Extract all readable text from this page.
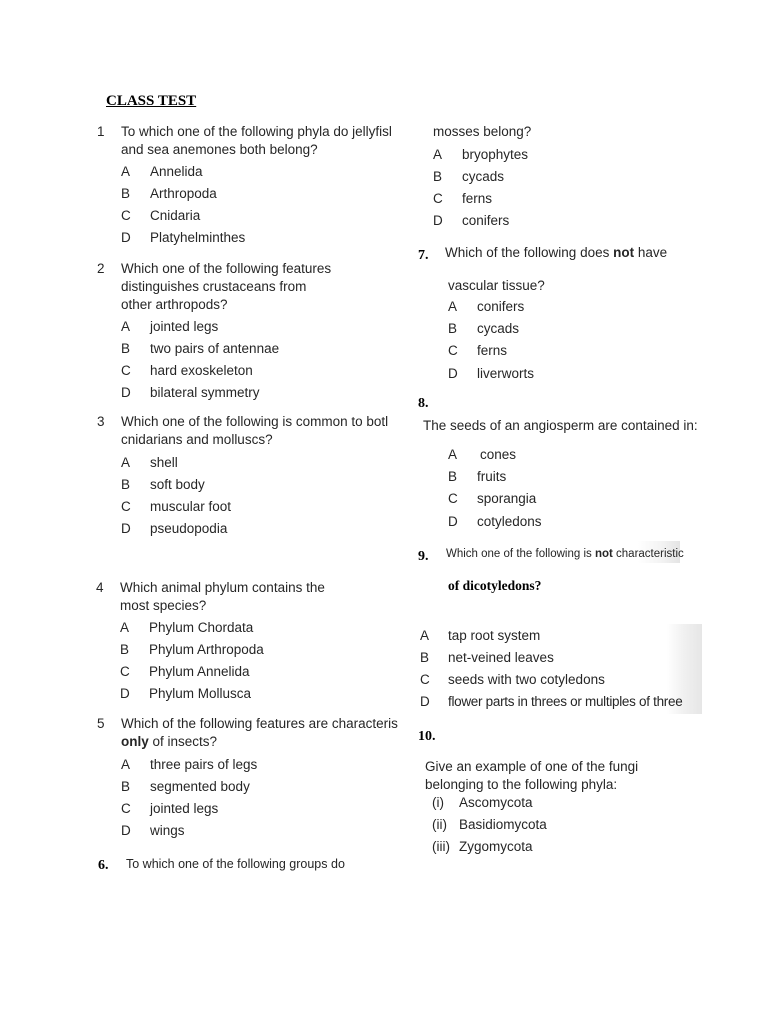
CLASS TEST
1 To which one of the following phyla do jellyfisl
and sea anemones both belong?
A Annelida
B Arthropoda
C Cnidaria
D Platyhelminthes
2 Which one of the following features
distinguishes crustaceans from
other arthropods?
A jointed legs
B two pairs of antennae
C hard exoskeleton
D bilateral symmetry
3 Which one of the following is common to botl
cnidarians and molluscs?
A shell
B soft body
C muscular foot
D pseudopodia
4 Which animal phylum contains the
most species?
A Phylum Chordata
B Phylum Arthropoda
C Phylum Annelida
D Phylum Mollusca
5 Which of the following features are characteris
only of insects?
A three pairs of legs
B segmented body
C jointed legs
D wings
6. To which one of the following groups do
mosses belong?
A bryophytes
B cycads
C ferns
D conifers
7. Which of the following does not have
vascular tissue?
A conifers
B cycads
C ferns
D liverworts
8.
The seeds of an angiosperm are contained in:
A cones
B fruits
C sporangia
D cotyledons
9. Which one of the following is not characteristic
of dicotyledons?
A tap root system
B net-veined leaves
C seeds with two cotyledons
D flower parts in threes or multiples of three
10.
Give an example of one of the fungi
belonging to the following phyla:
(i) Ascomycota
(ii) Basidiomycota
(iii) Zygomycota
